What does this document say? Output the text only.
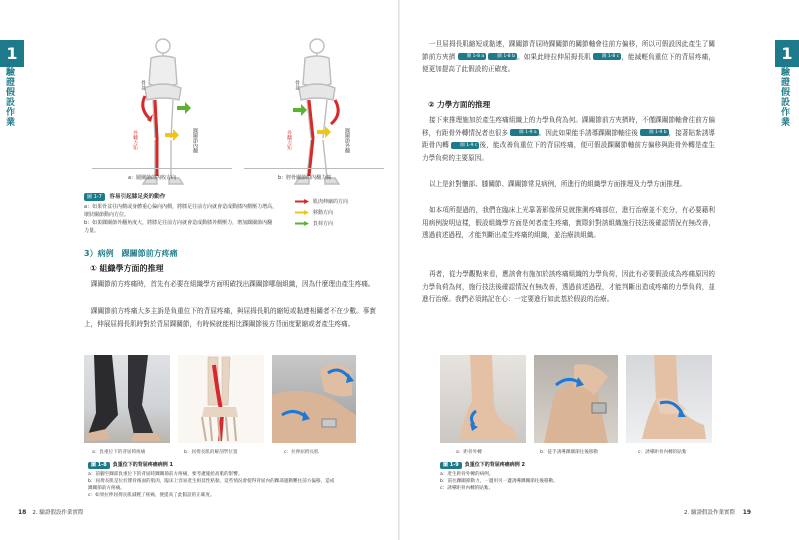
1
驗證假設作業
骨盆
外轉力矩	踝關節內翻
骨盆
外翻力矩	踝關節外翻
a：腿關節的內收方向	b：脛骨關節的內翻力線
圖 1-7 容易引起膝足炎的動作
a：如果骨盆往內側或身體重心偏向內側，將膝足往前方向就會造成動膝內側壓力增高，
壞狀關節動向方位。
b：如果踝關節外翻角度大，將膝足往前方向就會造成動膝外側壓力，增加踝關節內翻
力量。
肌肉伸縮的方向
移動方向
負荷方向
3）病例　踝關節前方疼痛
① 組織學方面的推理
踝關節前方疼痛時，首先有必要在組織學方面明確找出踝關節哪個組織，因為什麼理由產生疼痛。
踝關節前方疼痛大多主訴是負重位下的背屈疼痛，與屈拇長肌的縮短或黏連相關者不在少數。事實上，伸展屈拇長肌時對於背屈踝關節，有時候就能相比踝關節後方背面度緊縮或者產生疼痛。
a：負重位下的背屈時疼痛	b：屈拇長肌的解剖學位置	c：拉伸屈拇長肌
圖 1-8 負重位下的背屈疼痛病例 1
a：前腳至踝部負重位下的背屈時踝關節前方疼痛，要考慮施給高肌的影響。
b：屈拇長肌是位於腓骨後面的肌肉，臨床上容易產生組技性粘黏，這些情況會使得背屈內的踝部運動難往前方偏移，造成
踝關節前方疼痛。
c：如果拉伸屈拇長肌減輕了疼痛，便提高了此假設的正確度。
18 2. 驗證假設作業實際
1
驗證假設作業
一旦屈拇長肌縮短或黏連，踝關節背屈時踝關節的關節軸會往前方偏移，所以可假設因此產生了關節前方夾擠 圖 1-8 a	圖 1-8 b 。如果此時拉伸屈拇長肌 圖 1-8 c ，能減輕負重位下的背屈疼痛，便更加提高了此假設的正確度。
② 力學方面的推理
接下來推理施加於產生疼痛組織上的力學負荷為何。踝關節前方夾擠時，不僅踝關節軸會往前方偏移，有距骨外轉情況者也很多 圖 1-9 a 。因此如果能手誘導踝關節軸往後 圖 1-9 b ，接著貼紮誘導距骨內轉	圖 1-9 c 後，能改善負重位下的背屈疼痛，便可假設踝關節軸前方偏移與距骨外轉是產生力學負荷的主要原因。
以上是針對髕部、膝關節、踝關節常見病例，所進行的組織學方面推理及力學方面推理。
如本項所提過的，我們在臨床上光靠著影像所見就推測疼痛部位，進行治療並不充分，有必要藉利用病例說明這樣，假設組織學方面是何者產生疼痛，實際針對該組織施行技法後確認情況有無改善，透過前述過程，才能判斷出產生疼痛的組織，並治療該組織。
再者，從力學觀點來看，應該會有施加於該疼痛組織的力學負荷，因此有必要假設成為疼痛原因的力學負荷為何，施行技法後確認情況有無改善，透過前述過程，才能判斷出造成疼痛的力學負荷，並進行治療。我們必須銘記在心：一定要進行如此基於假設的治療。
a：距骨外轉	b：徒手誘導踝關節往後移動	c：誘導距骨內轉的貼紮
圖 1-9 負重位下的背屈疼痛病例 2
a：產生距骨外轉的病例。
b：前往踝關節動力，一邊用另一邊誘導踝關節往後移動。
c：誘導距骨內轉的貼紮。
2. 驗證假設作業實際 19
